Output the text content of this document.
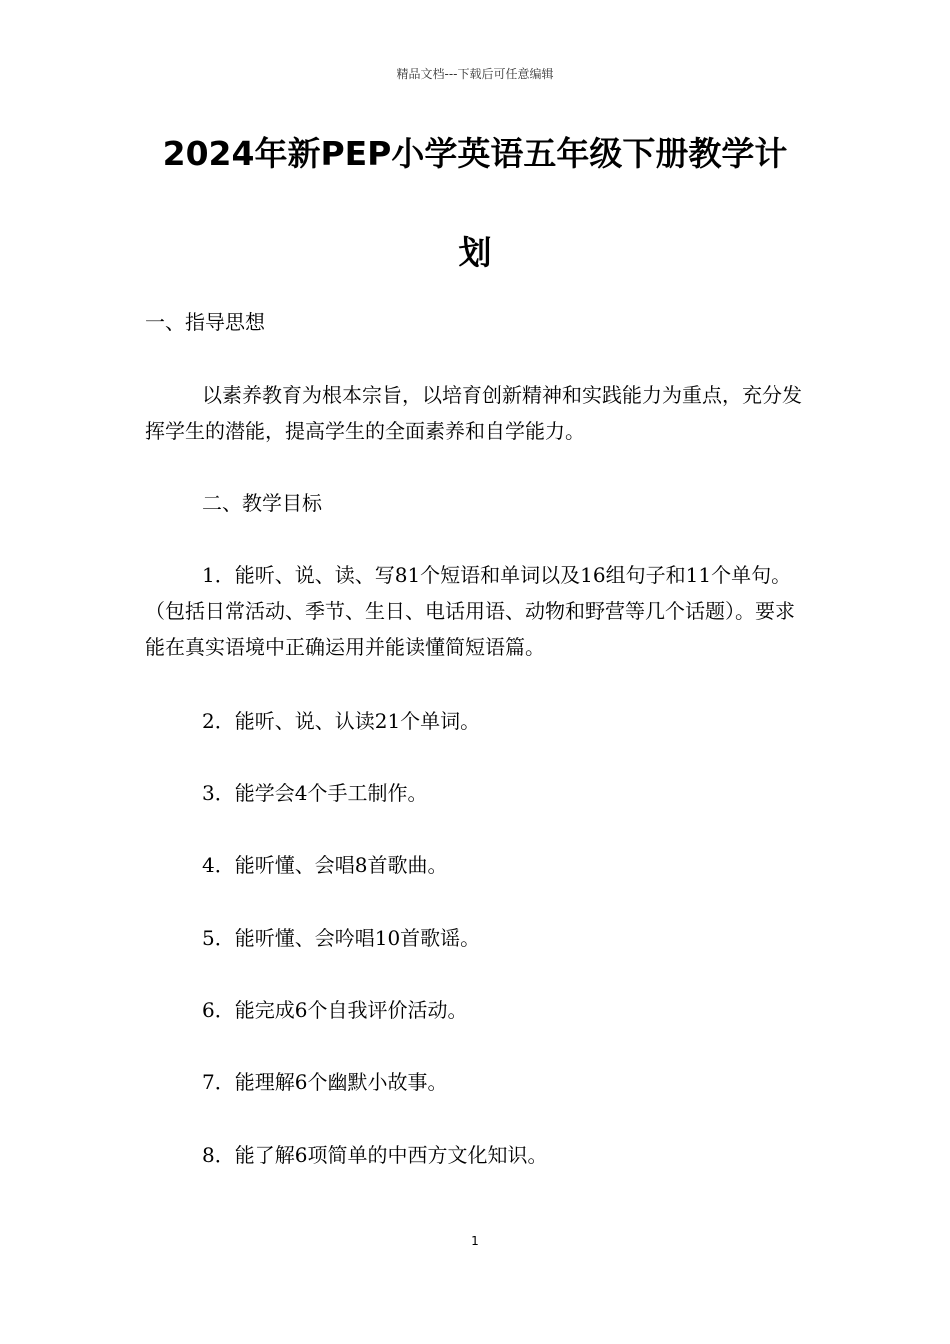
精品文档---下载后可任意编辑
2024年新PEP小学英语五年级下册教学计
划

一、指导思想

以素养教育为根本宗旨，以培育创新精神和实践能力为重点，充分发挥学生的潜能，提高学生的全面素养和自学能力。

二、教学目标

1．能听、说、读、写81个短语和单词以及16组句子和11个单句。（包括日常活动、季节、生日、电话用语、动物和野营等几个话题）。要求能在真实语境中正确运用并能读懂简短语篇。

2．能听、说、认读21个单词。

3．能学会4个手工制作。

4．能听懂、会唱8首歌曲。

5．能听懂、会吟唱10首歌谣。

6．能完成6个自我评价活动。

7．能理解6个幽默小故事。

8．能了解6项简单的中西方文化知识。

1
